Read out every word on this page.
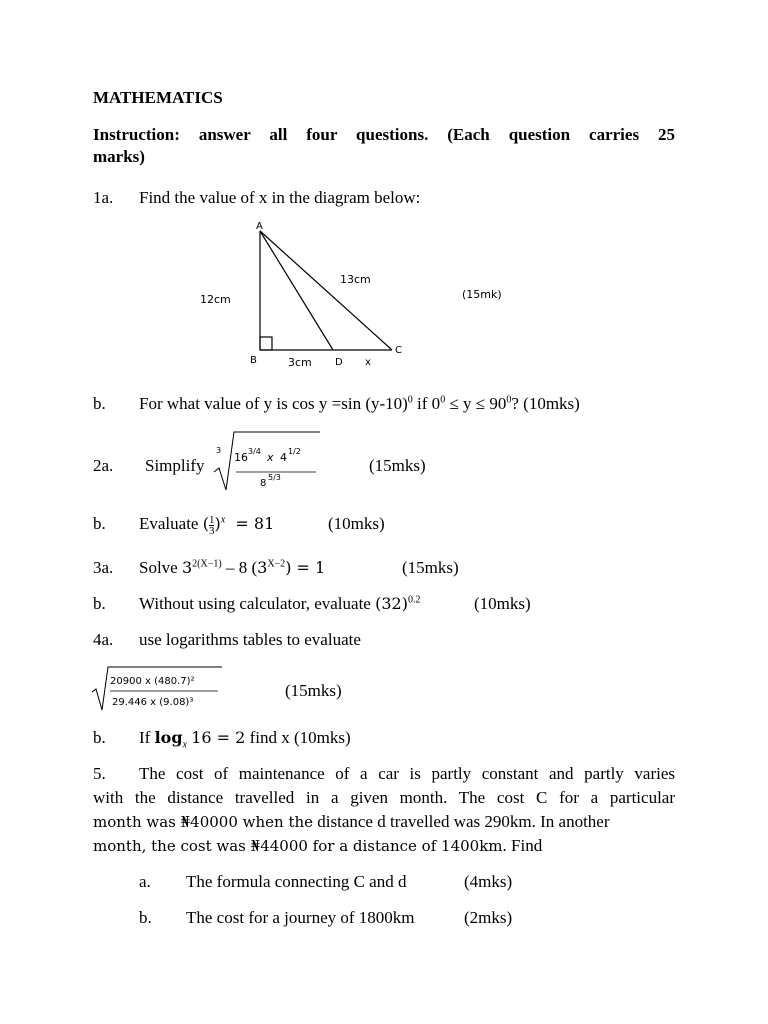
MATHEMATICS
Instruction: answer all four questions. (Each question carries 25
marks)
1a. Find the value of x in the diagram below:
A
B
C
D x
12cm
13cm
3cm
(15mk)
b. For what value of y is cos y =sin $(y-10)^0$ if $0^0 \le y \le 90^0$? (10mks)
2a. Simplify
3
16 3/4 x 4 1/2
8
5/3
(15mks)
b. Evaluate ( $\frac{1}{3} )^x = 81$	(10mks)
3a. Solve $3^{2(X-1)} - 8$ $(3^{X-2}) = 1$	(15mks)
b. Without using calculator, evaluate $(32)^{0.2}$	(10mks)
4a. use logarithms tables to evaluate
20900 x (480.7)²
29.446 x (9.08)³
(15mks)
b. If $\log_x 16 = 2$ find x (10mks)
5. The cost of maintenance of a car is partly constant and partly varies
with the distance travelled in a given month. The cost C for a particular
month was ₦40000 when the distance d travelled was 290km. In another
month, the cost was ₦44000 for a distance of 1400km. Find
a. The formula connecting C and d	(4mks)
b. The cost for a journey of 1800km	(2mks)
